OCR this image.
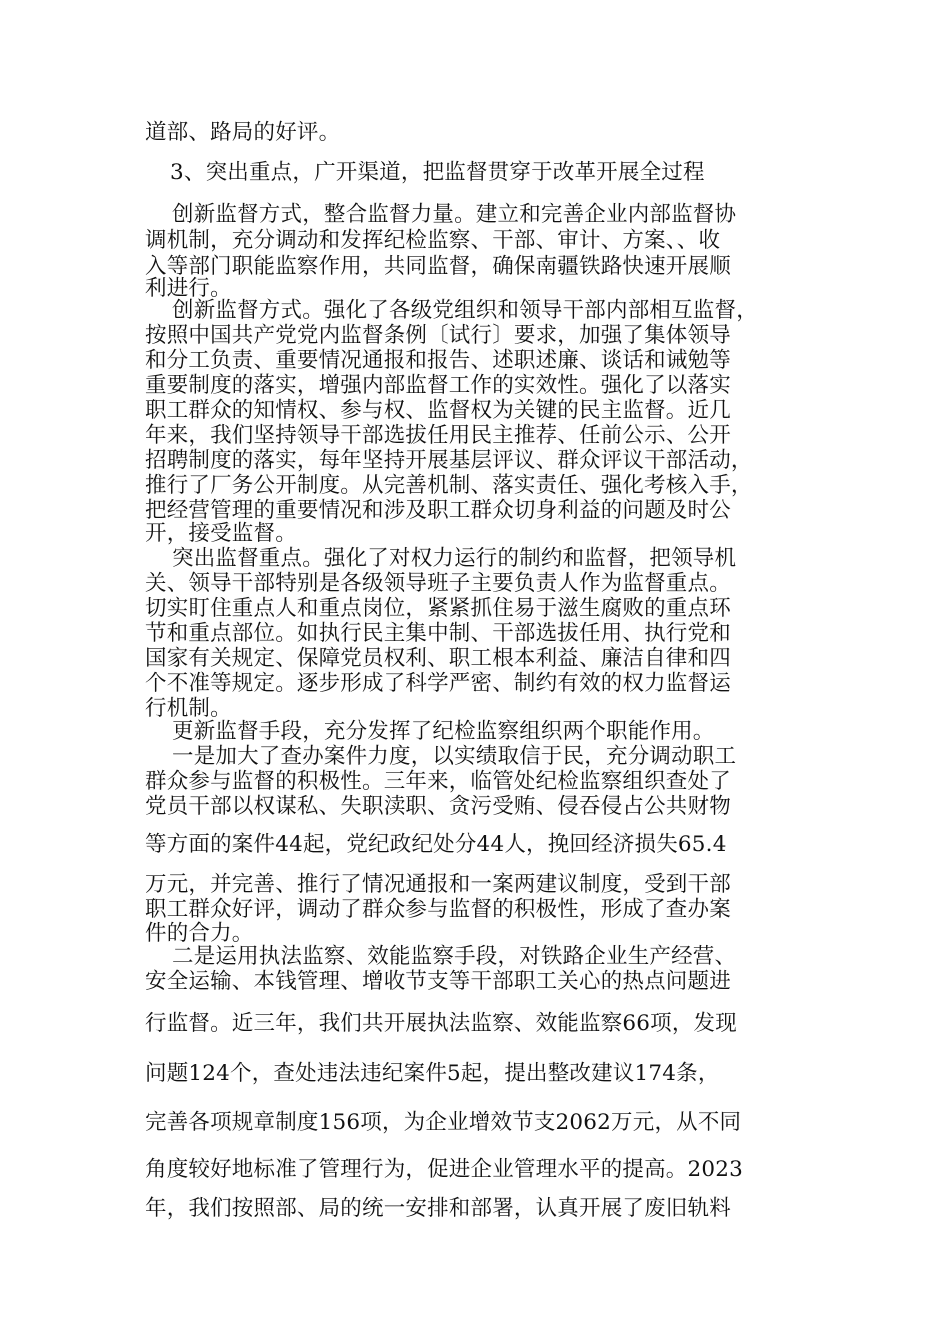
道部、路局的好评。
3、突出重点，广开渠道，把监督贯穿于改革开展全过程
创新监督方式，整合监督力量。建立和完善企业内部监督协
调机制，充分调动和发挥纪检监察、干部、审计、方案、、收
入等部门职能监察作用，共同监督，确保南疆铁路快速开展顺
利进行。
创新监督方式。强化了各级党组织和领导干部内部相互监督，
按照中国共产党党内监督条例〔试行〕要求，加强了集体领导
和分工负责、重要情况通报和报告、述职述廉、谈话和诫勉等
重要制度的落实，增强内部监督工作的实效性。强化了以落实
职工群众的知情权、参与权、监督权为关键的民主监督。近几
年来，我们坚持领导干部选拔任用民主推荐、任前公示、公开
招聘制度的落实，每年坚持开展基层评议、群众评议干部活动，
推行了厂务公开制度。从完善机制、落实责任、强化考核入手，
把经营管理的重要情况和涉及职工群众切身利益的问题及时公
开，接受监督。
突出监督重点。强化了对权力运行的制约和监督，把领导机
关、领导干部特别是各级领导班子主要负责人作为监督重点。
切实盯住重点人和重点岗位，紧紧抓住易于滋生腐败的重点环
节和重点部位。如执行民主集中制、干部选拔任用、执行党和
国家有关规定、保障党员权利、职工根本利益、廉洁自律和四
个不准等规定。逐步形成了科学严密、制约有效的权力监督运
行机制。
更新监督手段，充分发挥了纪检监察组织两个职能作用。
一是加大了查办案件力度，以实绩取信于民，充分调动职工
群众参与监督的积极性。三年来，临管处纪检监察组织查处了
党员干部以权谋私、失职渎职、贪污受贿、侵吞侵占公共财物
等方面的案件44起，党纪政纪处分44人，挽回经济损失65.4
万元，并完善、推行了情况通报和一案两建议制度，受到干部
职工群众好评，调动了群众参与监督的积极性，形成了查办案
件的合力。
二是运用执法监察、效能监察手段，对铁路企业生产经营、
安全运输、本钱管理、增收节支等干部职工关心的热点问题进
行监督。近三年，我们共开展执法监察、效能监察66项，发现
问题124个，查处违法违纪案件5起，提出整改建议174条，
完善各项规章制度156项，为企业增效节支2062万元，从不同
角度较好地标准了管理行为，促进企业管理水平的提高。2023
年，我们按照部、局的统一安排和部署，认真开展了废旧轨料
